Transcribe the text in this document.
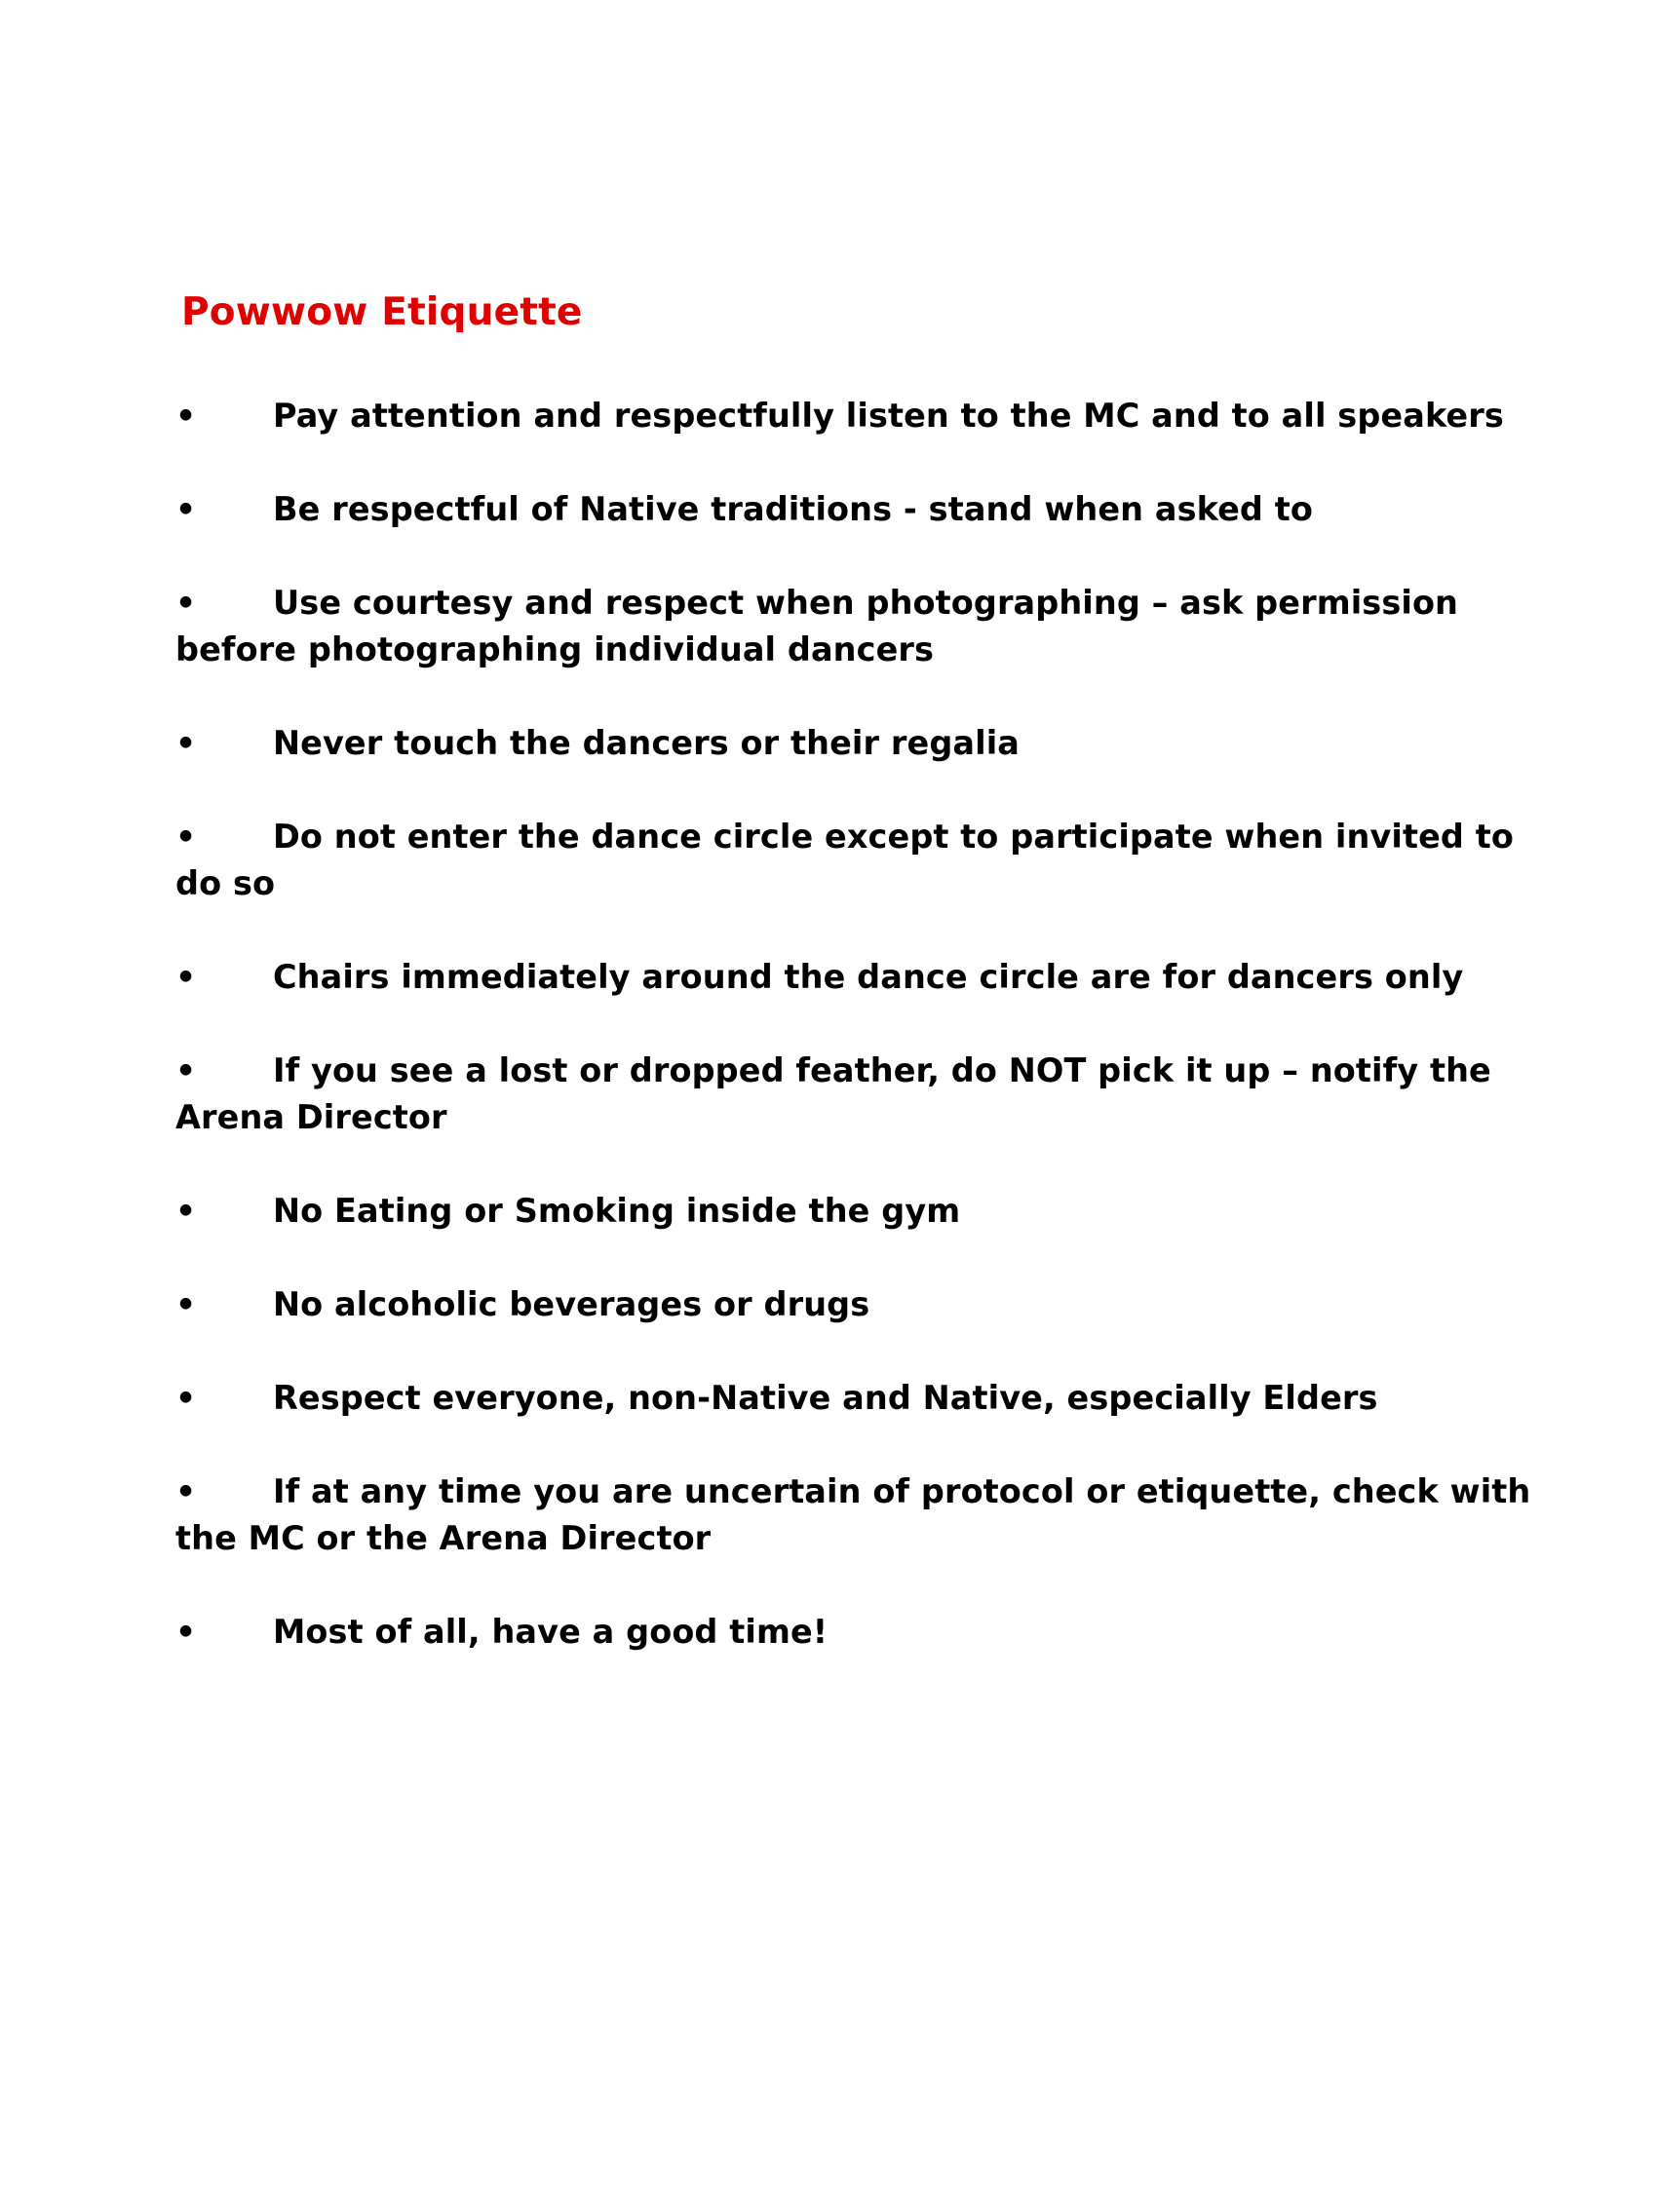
Powwow Etiquette
• Pay attention and respectfully listen to the MC and to all speakers
• Be respectful of Native traditions - stand when asked to
• Use courtesy and respect when photographing – ask permission before photographing individual dancers
• Never touch the dancers or their regalia
• Do not enter the dance circle except to participate when invited to do so
• Chairs immediately around the dance circle are for dancers only
• If you see a lost or dropped feather, do NOT pick it up – notify the Arena Director
• No Eating or Smoking inside the gym
• No alcoholic beverages or drugs
• Respect everyone, non-Native and Native, especially Elders
• If at any time you are uncertain of protocol or etiquette, check with the MC or the Arena Director
• Most of all, have a good time!
